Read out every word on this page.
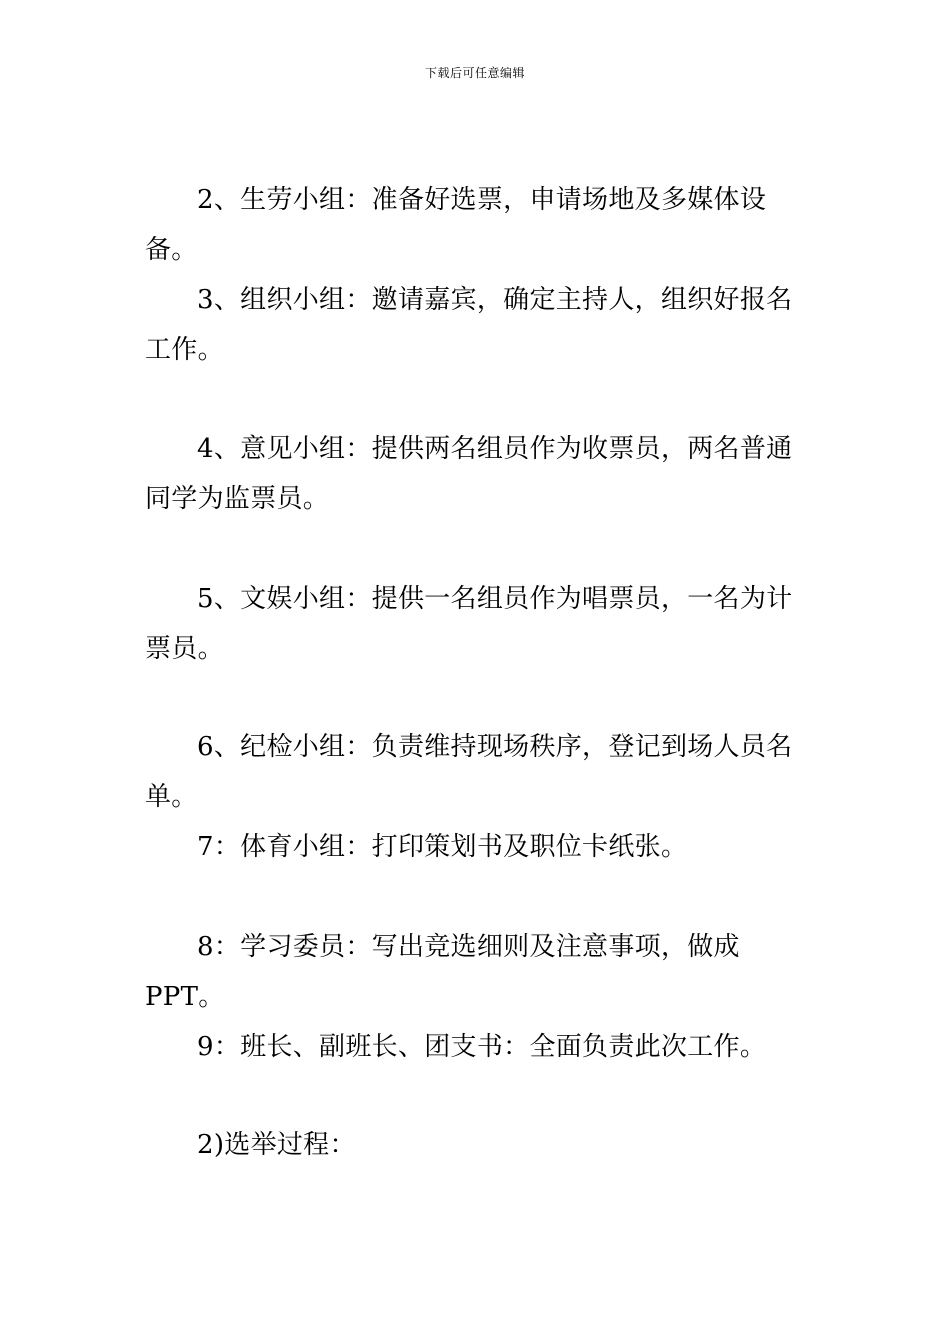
下载后可任意编辑

2、生劳小组：准备好选票，申请场地及多媒体设备。

3、组织小组：邀请嘉宾，确定主持人，组织好报名工作。

4、意见小组：提供两名组员作为收票员，两名普通同学为监票员。

5、文娱小组：提供一名组员作为唱票员，一名为计票员。

6、纪检小组：负责维持现场秩序，登记到场人员名单。

7：体育小组：打印策划书及职位卡纸张。

8：学习委员：写出竞选细则及注意事项，做成PPT。

9：班长、副班长、团支书：全面负责此次工作。

2)选举过程：
